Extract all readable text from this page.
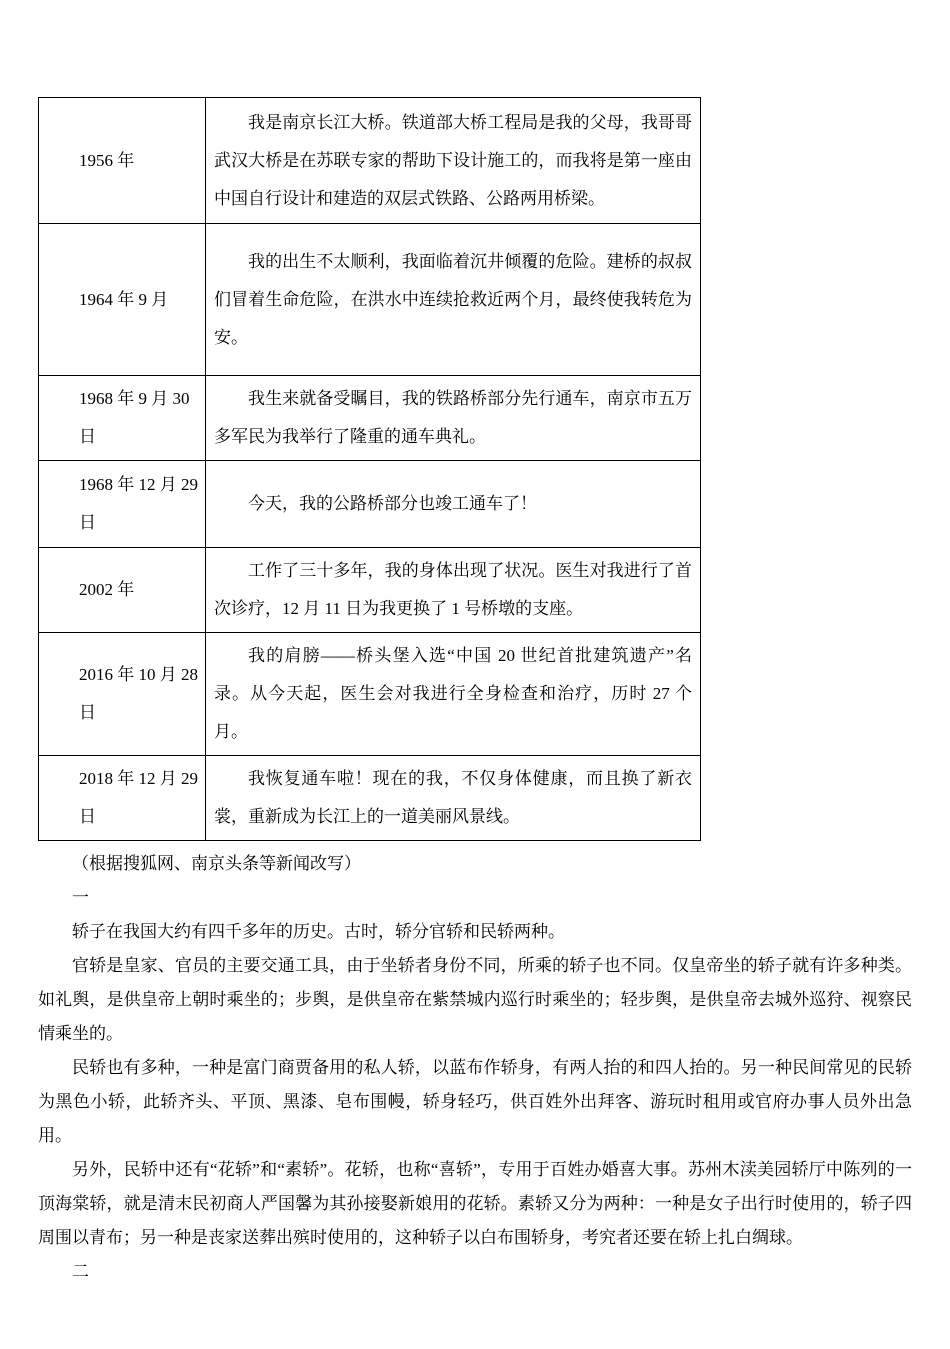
1956 年	我是南京长江大桥。铁道部大桥工程局是我的父母，我哥哥武汉大桥是在苏联专家的帮助下设计施工的，而我将是第一座由中国自行设计和建造的双层式铁路、公路两用桥梁。

1964 年 9 月	我的出生不太顺利，我面临着沉井倾覆的危险。建桥的叔叔们冒着生命危险，在洪水中连续抢救近两个月，最终使我转危为安。

1968 年 9 月 30 日	我生来就备受瞩目，我的铁路桥部分先行通车，南京市五万多军民为我举行了隆重的通车典礼。

1968 年 12 月 29 日	今天，我的公路桥部分也竣工通车了！

2002 年	工作了三十多年，我的身体出现了状况。医生对我进行了首次诊疗，12 月 11 日为我更换了 1 号桥墩的支座。

2016 年 10 月 28 日	我的肩膀——桥头堡入选“中国 20 世纪首批建筑遗产”名录。从今天起，医生会对我进行全身检查和治疗，历时 27 个月。

2018 年 12 月 29 日	我恢复通车啦！现在的我，不仅身体健康，而且换了新衣裳，重新成为长江上的一道美丽风景线。

（根据搜狐网、南京头条等新闻改写）

一

轿子在我国大约有四千多年的历史。古时，轿分官轿和民轿两种。

官轿是皇家、官员的主要交通工具，由于坐轿者身份不同，所乘的轿子也不同。仅皇帝坐的轿子就有许多种类。如礼舆，是供皇帝上朝时乘坐的；步舆，是供皇帝在紫禁城内巡行时乘坐的；轻步舆，是供皇帝去城外巡狩、视察民情乘坐的。

民轿也有多种，一种是富门商贾备用的私人轿，以蓝布作轿身，有两人抬的和四人抬的。另一种民间常见的民轿为黑色小轿，此轿齐头、平顶、黑漆、皂布围幔，轿身轻巧，供百姓外出拜客、游玩时租用或官府办事人员外出急用。

另外，民轿中还有“花轿”和“素轿”。花轿，也称“喜轿”，专用于百姓办婚喜大事。苏州木渎美园轿厅中陈列的一顶海棠轿，就是清末民初商人严国馨为其孙接娶新娘用的花轿。素轿又分为两种：一种是女子出行时使用的，轿子四周围以青布；另一种是丧家送葬出殡时使用的，这种轿子以白布围轿身，考究者还要在轿上扎白绸球。

二
